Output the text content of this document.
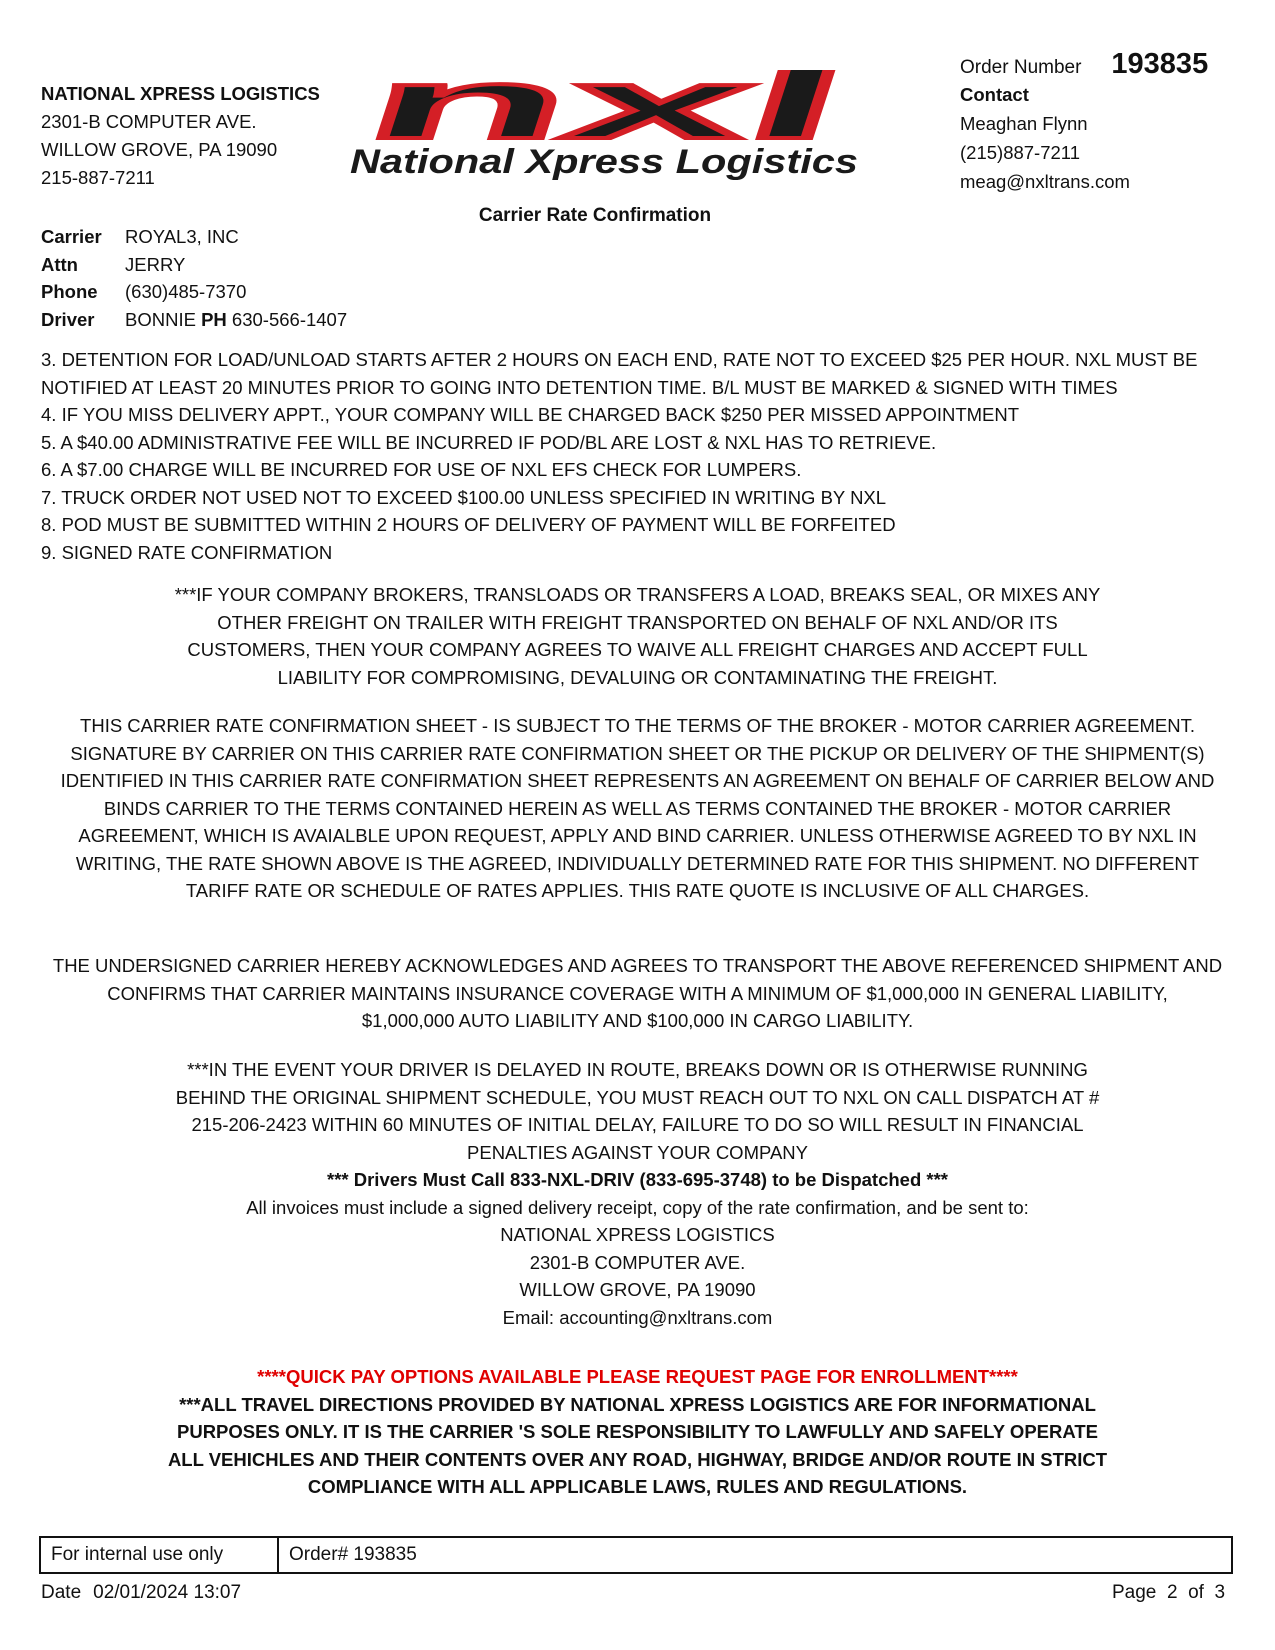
NATIONAL XPRESS LOGISTICS
2301-B COMPUTER AVE.
WILLOW GROVE, PA 19090
215-887-7211
nxl
National Xpress Logistics
Order Number 193835
Contact
Meaghan Flynn
(215)887-7211
meag@nxltrans.com
Carrier Rate Confirmation
Carrier	ROYAL3, INC
Attn	JERRY
Phone	(630)485-7370
Driver	BONNIE
PH
630-566-1407
3. DETENTION FOR LOAD/UNLOAD STARTS AFTER 2 HOURS ON EACH END, RATE NOT TO EXCEED $25 PER HOUR. NXL MUST BE
NOTIFIED AT LEAST 20 MINUTES PRIOR TO GOING INTO DETENTION TIME. B/L MUST BE MARKED & SIGNED WITH TIMES
4. IF YOU MISS DELIVERY APPT., YOUR COMPANY WILL BE CHARGED BACK $250 PER MISSED APPOINTMENT
5. A $40.00 ADMINISTRATIVE FEE WILL BE INCURRED IF POD/BL ARE LOST & NXL HAS TO RETRIEVE.
6. A $7.00 CHARGE WILL BE INCURRED FOR USE OF NXL EFS CHECK FOR LUMPERS.
7. TRUCK ORDER NOT USED NOT TO EXCEED $100.00 UNLESS SPECIFIED IN WRITING BY NXL
8. POD MUST BE SUBMITTED WITHIN 2 HOURS OF DELIVERY OF PAYMENT WILL BE FORFEITED
9. SIGNED RATE CONFIRMATION
***IF YOUR COMPANY BROKERS, TRANSLOADS OR TRANSFERS A LOAD, BREAKS SEAL, OR MIXES ANY
OTHER FREIGHT ON TRAILER WITH FREIGHT TRANSPORTED ON BEHALF OF NXL AND/OR ITS
CUSTOMERS, THEN YOUR COMPANY AGREES TO WAIVE ALL FREIGHT CHARGES AND ACCEPT FULL
LIABILITY FOR COMPROMISING, DEVALUING OR CONTAMINATING THE FREIGHT.
THIS CARRIER RATE CONFIRMATION SHEET - IS SUBJECT TO THE TERMS OF THE BROKER - MOTOR CARRIER AGREEMENT.
SIGNATURE BY CARRIER ON THIS CARRIER RATE CONFIRMATION SHEET OR THE PICKUP OR DELIVERY OF THE SHIPMENT(S)
IDENTIFIED IN THIS CARRIER RATE CONFIRMATION SHEET REPRESENTS AN AGREEMENT ON BEHALF OF CARRIER BELOW AND
BINDS CARRIER TO THE TERMS CONTAINED HEREIN AS WELL AS TERMS CONTAINED THE BROKER - MOTOR CARRIER
AGREEMENT, WHICH IS AVAIALBLE UPON REQUEST, APPLY AND BIND CARRIER. UNLESS OTHERWISE AGREED TO BY NXL IN
WRITING, THE RATE SHOWN ABOVE IS THE AGREED, INDIVIDUALLY DETERMINED RATE FOR THIS SHIPMENT. NO DIFFERENT
TARIFF RATE OR SCHEDULE OF RATES APPLIES. THIS RATE QUOTE IS INCLUSIVE OF ALL CHARGES.
THE UNDERSIGNED CARRIER HEREBY ACKNOWLEDGES AND AGREES TO TRANSPORT THE ABOVE REFERENCED SHIPMENT AND
CONFIRMS THAT CARRIER MAINTAINS INSURANCE COVERAGE WITH A MINIMUM OF $1,000,000 IN GENERAL LIABILITY,
$1,000,000 AUTO LIABILITY AND $100,000 IN CARGO LIABILITY.
***IN THE EVENT YOUR DRIVER IS DELAYED IN ROUTE, BREAKS DOWN OR IS OTHERWISE RUNNING
BEHIND THE ORIGINAL SHIPMENT SCHEDULE, YOU MUST REACH OUT TO NXL ON CALL DISPATCH AT #
215-206-2423 WITHIN 60 MINUTES OF INITIAL DELAY, FAILURE TO DO SO WILL RESULT IN FINANCIAL
PENALTIES AGAINST YOUR COMPANY
*** Drivers Must Call 833-NXL-DRIV (833-695-3748) to be Dispatched ***
All invoices must include a signed delivery receipt, copy of the rate confirmation, and be sent to:
NATIONAL XPRESS LOGISTICS
2301-B COMPUTER AVE.
WILLOW GROVE, PA 19090
Email: accounting@nxltrans.com
****QUICK PAY OPTIONS AVAILABLE PLEASE REQUEST PAGE FOR ENROLLMENT****
***ALL TRAVEL DIRECTIONS PROVIDED BY NATIONAL XPRESS LOGISTICS ARE FOR INFORMATIONAL
PURPOSES ONLY. IT IS THE CARRIER 'S SOLE RESPONSIBILITY TO LAWFULLY AND SAFELY OPERATE
ALL VEHICHLES AND THEIR CONTENTS OVER ANY ROAD, HIGHWAY, BRIDGE AND/OR ROUTE IN STRICT
COMPLIANCE WITH ALL APPLICABLE LAWS, RULES AND REGULATIONS.
For internal use only	Order# 193835
Date 02/01/2024 13:07	Page 2 of 3
